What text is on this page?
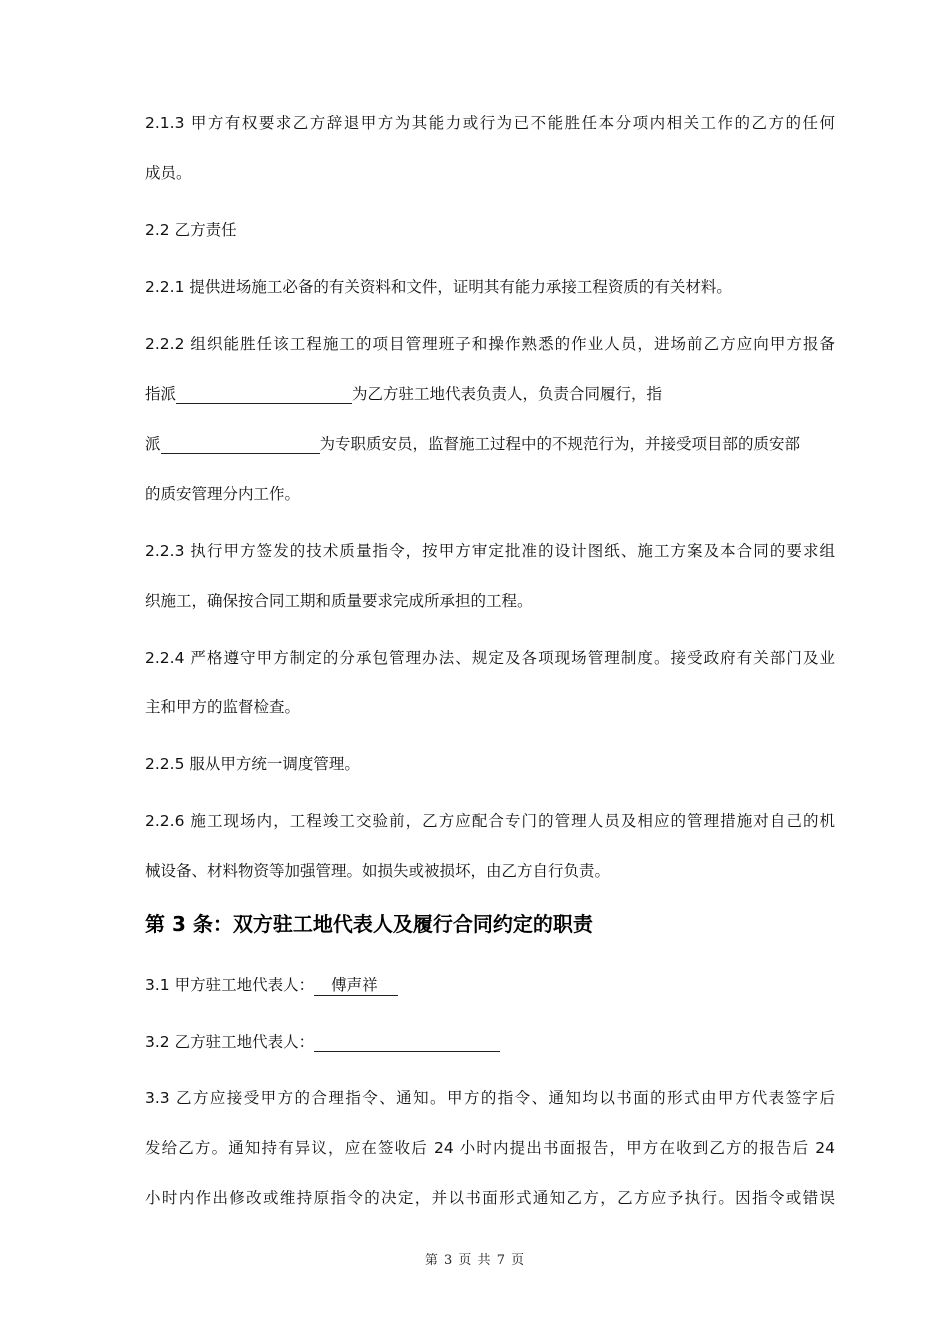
2.1.3 甲方有权要求乙方辞退甲方为其能力或行为已不能胜任本分项内相关工作的乙方的任何

成员。

2.2 乙方责任

2.2.1 提供进场施工必备的有关资料和文件，证明其有能力承接工程资质的有关材料。

2.2.2 组织能胜任该工程施工的项目管理班子和操作熟悉的作业人员，进场前乙方应向甲方报备

指派	为乙方驻工地代表负责人，负责合同履行，指

派	为专职质安员，监督施工过程中的不规范行为，并接受项目部的质安部

的质安管理分内工作。

2.2.3 执行甲方签发的技术质量指令，按甲方审定批准的设计图纸、施工方案及本合同的要求组

织施工，确保按合同工期和质量要求完成所承担的工程。

2.2.4 严格遵守甲方制定的分承包管理办法、规定及各项现场管理制度。接受政府有关部门及业

主和甲方的监督检查。

2.2.5 服从甲方统一调度管理。

2.2.6 施工现场内，工程竣工交验前，乙方应配合专门的管理人员及相应的管理措施对自己的机

械设备、材料物资等加强管理。如损失或被损坏，由乙方自行负责。

第 3 条：双方驻工地代表人及履行合同约定的职责

3.1 甲方驻工地代表人： 傅声祥

3.2 乙方驻工地代表人：

3.3 乙方应接受甲方的合理指令、通知。甲方的指令、通知均以书面的形式由甲方代表签字后

发给乙方。通知持有异议，应在签收后 24 小时内提出书面报告，甲方在收到乙方的报告后 24

小时内作出修改或维持原指令的决定，并以书面形式通知乙方，乙方应予执行。因指令或错误

第 3 页 共 7 页
